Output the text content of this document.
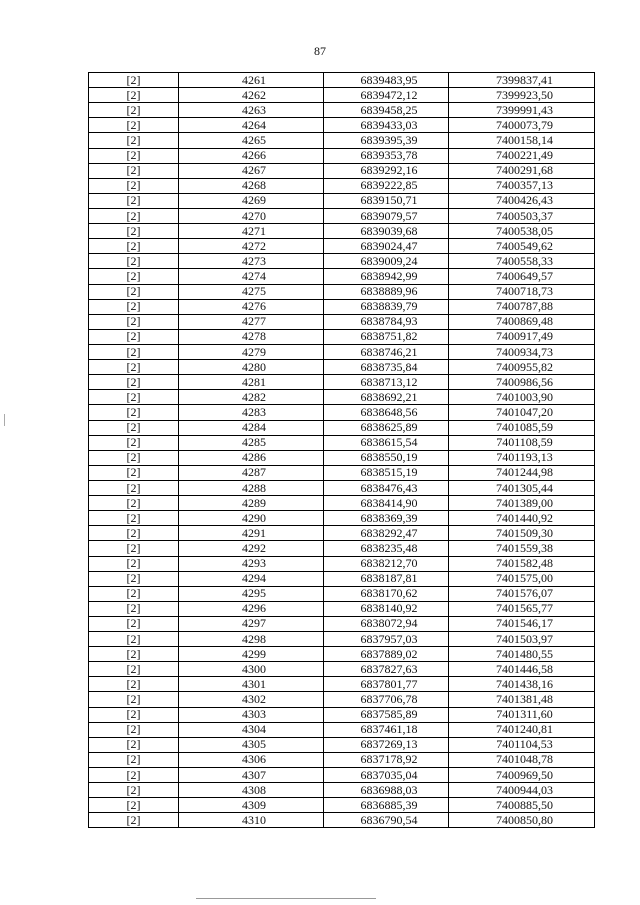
87
[2]	4261	6839483,95	7399837,41
[2]	4262	6839472,12	7399923,50
[2]	4263	6839458,25	7399991,43
[2]	4264	6839433,03	7400073,79
[2]	4265	6839395,39	7400158,14
[2]	4266	6839353,78	7400221,49
[2]	4267	6839292,16	7400291,68
[2]	4268	6839222,85	7400357,13
[2]	4269	6839150,71	7400426,43
[2]	4270	6839079,57	7400503,37
[2]	4271	6839039,68	7400538,05
[2]	4272	6839024,47	7400549,62
[2]	4273	6839009,24	7400558,33
[2]	4274	6838942,99	7400649,57
[2]	4275	6838889,96	7400718,73
[2]	4276	6838839,79	7400787,88
[2]	4277	6838784,93	7400869,48
[2]	4278	6838751,82	7400917,49
[2]	4279	6838746,21	7400934,73
[2]	4280	6838735,84	7400955,82
[2]	4281	6838713,12	7400986,56
[2]	4282	6838692,21	7401003,90
[2]	4283	6838648,56	7401047,20
[2]	4284	6838625,89	7401085,59
[2]	4285	6838615,54	7401108,59
[2]	4286	6838550,19	7401193,13
[2]	4287	6838515,19	7401244,98
[2]	4288	6838476,43	7401305,44
[2]	4289	6838414,90	7401389,00
[2]	4290	6838369,39	7401440,92
[2]	4291	6838292,47	7401509,30
[2]	4292	6838235,48	7401559,38
[2]	4293	6838212,70	7401582,48
[2]	4294	6838187,81	7401575,00
[2]	4295	6838170,62	7401576,07
[2]	4296	6838140,92	7401565,77
[2]	4297	6838072,94	7401546,17
[2]	4298	6837957,03	7401503,97
[2]	4299	6837889,02	7401480,55
[2]	4300	6837827,63	7401446,58
[2]	4301	6837801,77	7401438,16
[2]	4302	6837706,78	7401381,48
[2]	4303	6837585,89	7401311,60
[2]	4304	6837461,18	7401240,81
[2]	4305	6837269,13	7401104,53
[2]	4306	6837178,92	7401048,78
[2]	4307	6837035,04	7400969,50
[2]	4308	6836988,03	7400944,03
[2]	4309	6836885,39	7400885,50
[2]	4310	6836790,54	7400850,80
